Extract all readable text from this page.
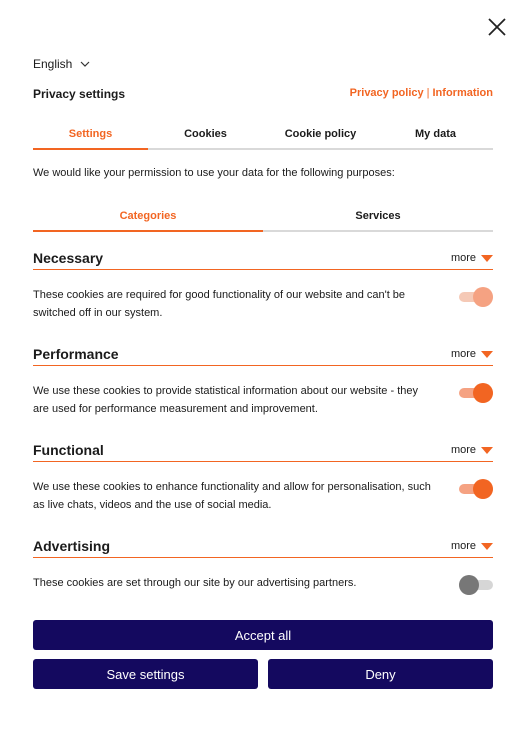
English
Privacy settings	Privacy policy | Information
Settings	Cookies	Cookie policy	My data
We would like your permission to use your data for the following purposes:
Categories	Services
Necessary	more
These cookies are required for good functionality of our website and can't be switched off in our system.
Performance	more
We use these cookies to provide statistical information about our website - they are used for performance measurement and improvement.
Functional	more
We use these cookies to enhance functionality and allow for personalisation, such as live chats, videos and the use of social media.
Advertising	more
These cookies are set through our site by our advertising partners.
Accept all
Save settings	Deny
